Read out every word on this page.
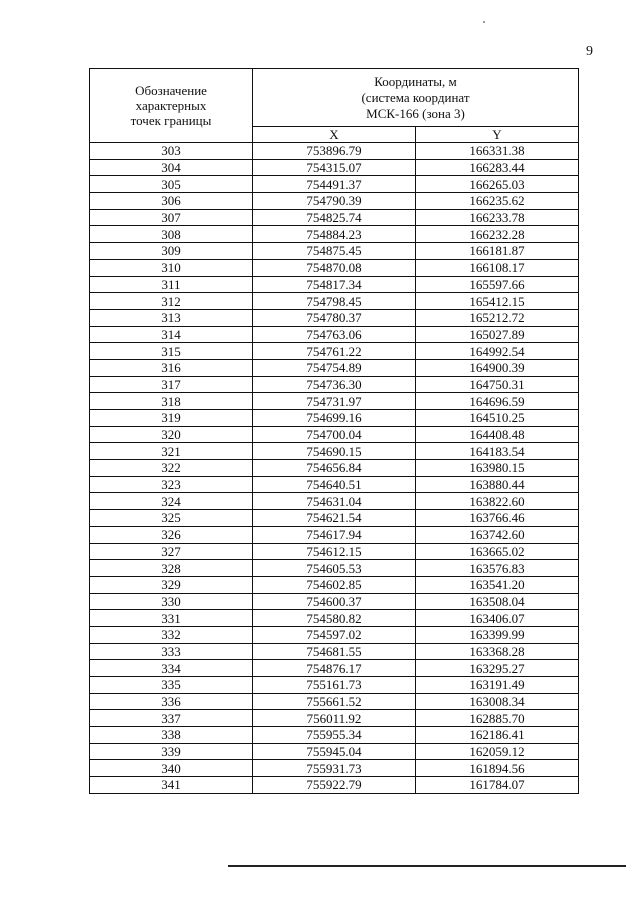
9
Обозначение
характерных
точек границы	Координаты, м
(система координат
МСК-166 (зона 3)	

	X	Y
303	753896.79	166331.38
304	754315.07	166283.44
305	754491.37	166265.03
306	754790.39	166235.62
307	754825.74	166233.78
308	754884.23	166232.28
309	754875.45	166181.87
310	754870.08	166108.17
311	754817.34	165597.66
312	754798.45	165412.15
313	754780.37	165212.72
314	754763.06	165027.89
315	754761.22	164992.54
316	754754.89	164900.39
317	754736.30	164750.31
318	754731.97	164696.59
319	754699.16	164510.25
320	754700.04	164408.48
321	754690.15	164183.54
322	754656.84	163980.15
323	754640.51	163880.44
324	754631.04	163822.60
325	754621.54	163766.46
326	754617.94	163742.60
327	754612.15	163665.02
328	754605.53	163576.83
329	754602.85	163541.20
330	754600.37	163508.04
331	754580.82	163406.07
332	754597.02	163399.99
333	754681.55	163368.28
334	754876.17	163295.27
335	755161.73	163191.49
336	755661.52	163008.34
337	756011.92	162885.70
338	755955.34	162186.41
339	755945.04	162059.12
340	755931.73	161894.56
341	755922.79	161784.07
